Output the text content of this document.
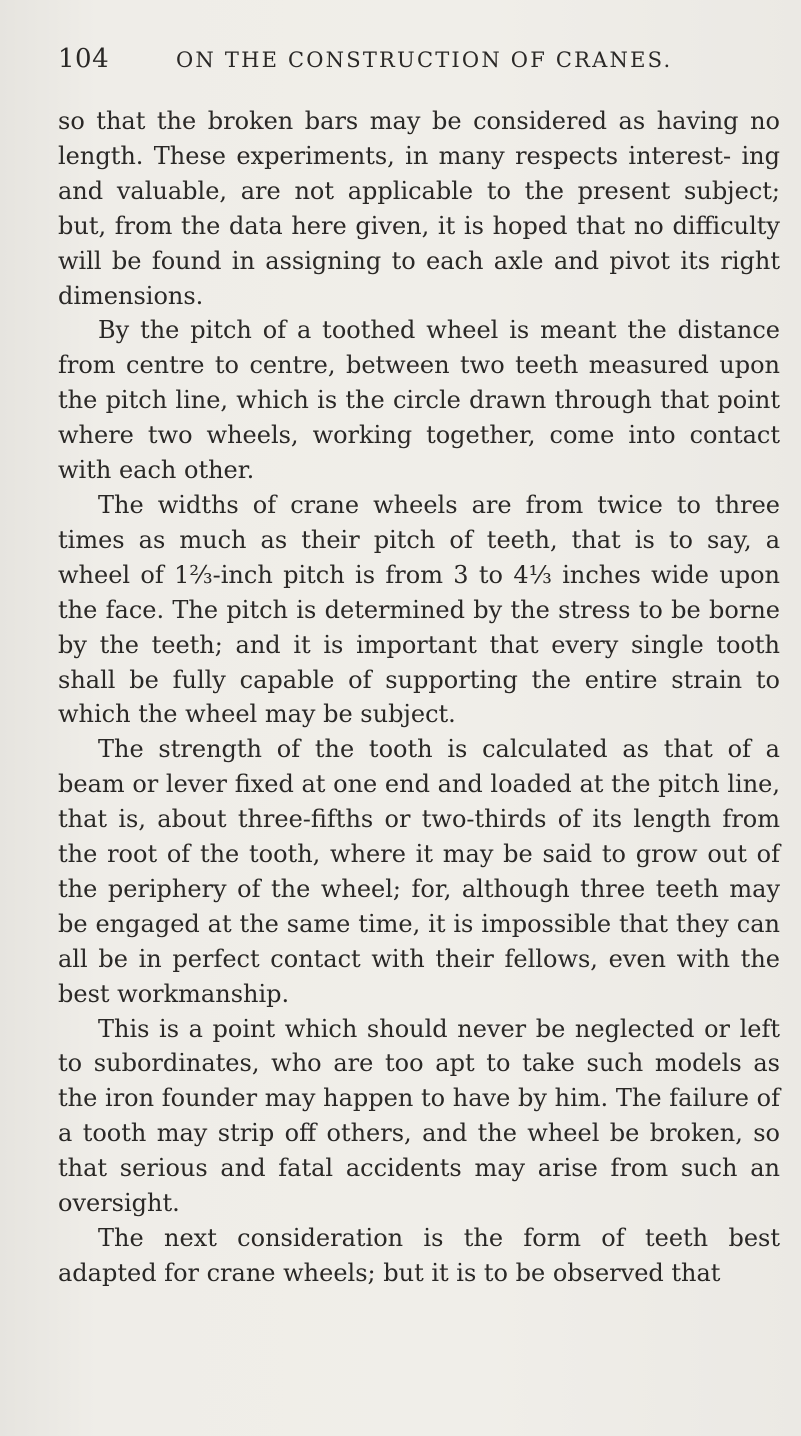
104	ON THE CONSTRUCTION OF CRANES.

so that the broken bars may be considered as having no length. These experiments, in many respects interest- ing and valuable, are not applicable to the present subject; but, from the data here given, it is hoped that no difficulty will be found in assigning to each axle and pivot its right dimensions.

By the pitch of a toothed wheel is meant the distance from centre to centre, between two teeth measured upon the pitch line, which is the circle drawn through that point where two wheels, working together, come into contact with each other.

The widths of crane wheels are from twice to three times as much as their pitch of teeth, that is to say, a wheel of 1⅔-inch pitch is from 3 to 4⅓ inches wide upon the face. The pitch is determined by the stress to be borne by the teeth; and it is important that every single tooth shall be fully capable of supporting the entire strain to which the wheel may be subject.

The strength of the tooth is calculated as that of a beam or lever fixed at one end and loaded at the pitch line, that is, about three-fifths or two-thirds of its length from the root of the tooth, where it may be said to grow out of the periphery of the wheel; for, although three teeth may be engaged at the same time, it is impossible that they can all be in perfect contact with their fellows, even with the best workmanship.

This is a point which should never be neglected or left to subordinates, who are too apt to take such models as the iron founder may happen to have by him. The failure of a tooth may strip off others, and the wheel be broken, so that serious and fatal accidents may arise from such an oversight.

The next consideration is the form of teeth best adapted for crane wheels; but it is to be observed that
